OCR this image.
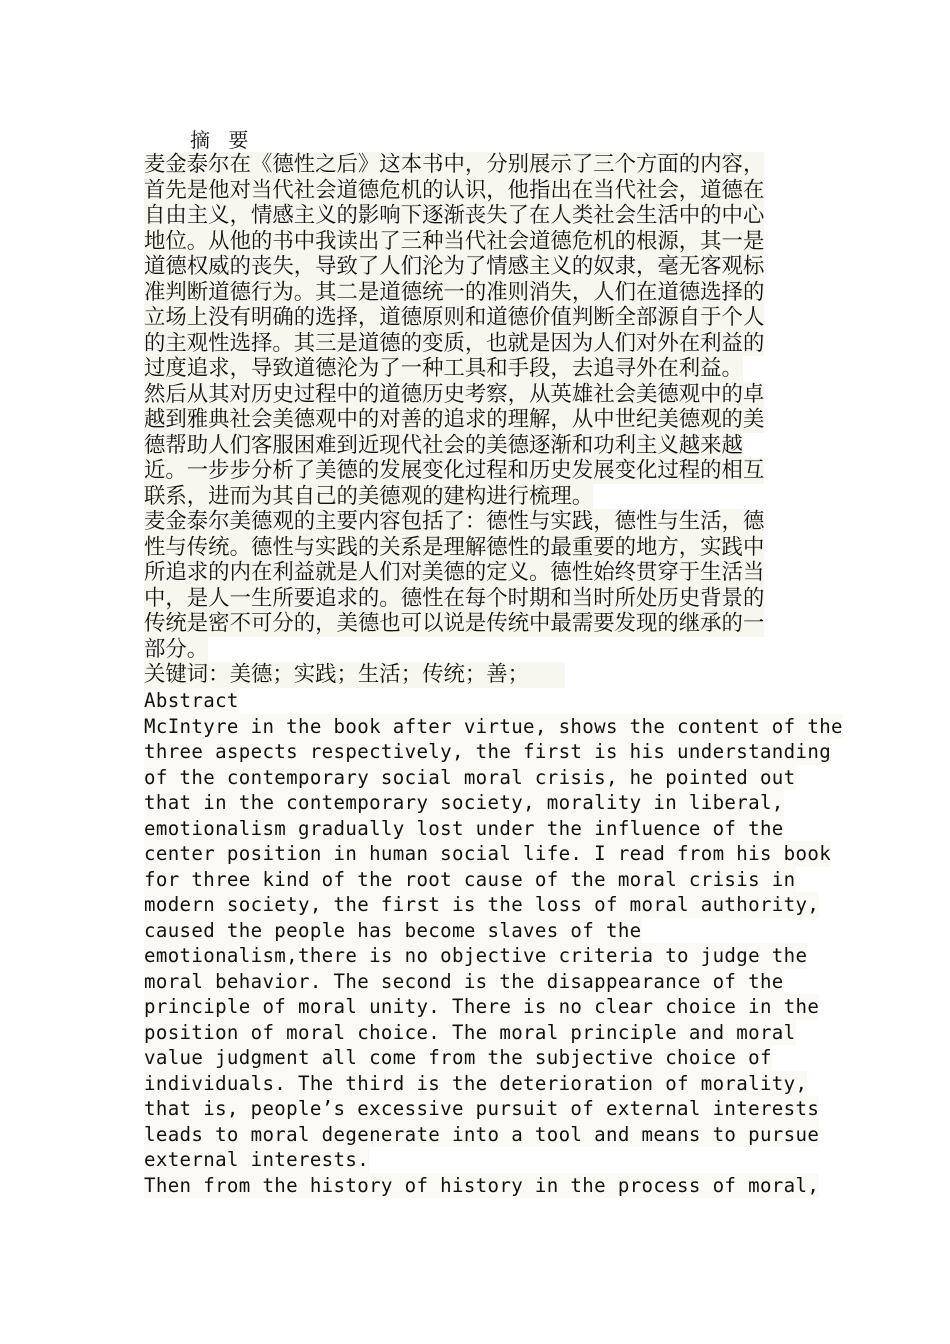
摘 要
麦金泰尔在《德性之后》这本书中，分别展示了三个方面的内容，
首先是他对当代社会道德危机的认识，他指出在当代社会，道德在
自由主义，情感主义的影响下逐渐丧失了在人类社会生活中的中心
地位。从他的书中我读出了三种当代社会道德危机的根源，其一是
道德权威的丧失，导致了人们沦为了情感主义的奴隶，毫无客观标
准判断道德行为。其二是道德统一的准则消失，人们在道德选择的
立场上没有明确的选择，道德原则和道德价值判断全部源自于个人
的主观性选择。其三是道德的变质，也就是因为人们对外在利益的
过度追求，导致道德沦为了一种工具和手段，去追寻外在利益。
然后从其对历史过程中的道德历史考察，从英雄社会美德观中的卓
越到雅典社会美德观中的对善的追求的理解，从中世纪美德观的美
德帮助人们客服困难到近现代社会的美德逐渐和功利主义越来越
近。一步步分析了美德的发展变化过程和历史发展变化过程的相互
联系，进而为其自己的美德观的建构进行梳理。
麦金泰尔美德观的主要内容包括了：德性与实践，德性与生活，德
性与传统。德性与实践的关系是理解德性的最重要的地方，实践中
所追求的内在利益就是人们对美德的定义。德性始终贯穿于生活当
中，是人一生所要追求的。德性在每个时期和当时所处历史背景的
传统是密不可分的，美德也可以说是传统中最需要发现的继承的一
部分。
关键词：美德；实践；生活；传统；善；
Abstract
McIntyre in the book after virtue, shows the content of the
three aspects respectively, the first is his understanding
of the contemporary social moral crisis, he pointed out
that in the contemporary society, morality in liberal,
emotionalism gradually lost under the influence of the
center position in human social life. I read from his book
for three kind of the root cause of the moral crisis in
modern society, the first is the loss of moral authority,
caused the people has become slaves of the
emotionalism,there is no objective criteria to judge the
moral behavior. The second is the disappearance of the
principle of moral unity. There is no clear choice in the
position of moral choice. The moral principle and moral
value judgment all come from the subjective choice of
individuals. The third is the deterioration of morality,
that is, people’s excessive pursuit of external interests
leads to moral degenerate into a tool and means to pursue
external interests.
Then from the history of history in the process of moral,
